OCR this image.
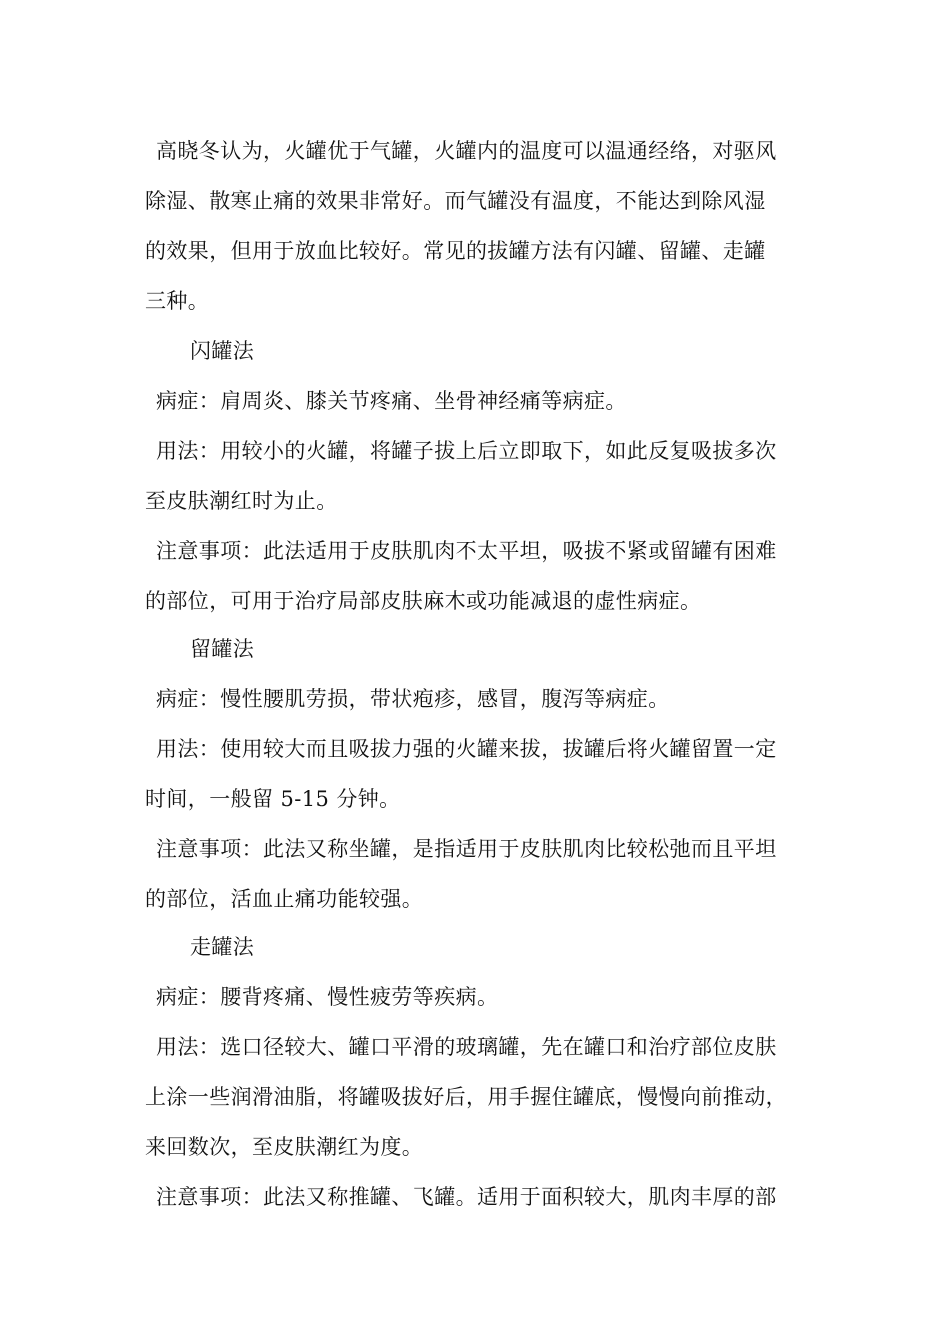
高晓冬认为，火罐优于气罐，火罐内的温度可以温通经络，对驱风
除湿、散寒止痛的效果非常好。而气罐没有温度，不能达到除风湿
的效果，但用于放血比较好。常见的拔罐方法有闪罐、留罐、走罐
三种。
闪罐法
病症：肩周炎、膝关节疼痛、坐骨神经痛等病症。
用法：用较小的火罐，将罐子拔上后立即取下，如此反复吸拔多次
至皮肤潮红时为止。
注意事项：此法适用于皮肤肌肉不太平坦，吸拔不紧或留罐有困难
的部位，可用于治疗局部皮肤麻木或功能减退的虚性病症。
留罐法
病症：慢性腰肌劳损，带状疱疹，感冒，腹泻等病症。
用法：使用较大而且吸拔力强的火罐来拔，拔罐后将火罐留置一定
时间，一般留 5-15 分钟。
注意事项：此法又称坐罐，是指适用于皮肤肌肉比较松弛而且平坦
的部位，活血止痛功能较强。
走罐法
病症：腰背疼痛、慢性疲劳等疾病。
用法：选口径较大、罐口平滑的玻璃罐，先在罐口和治疗部位皮肤
上涂一些润滑油脂，将罐吸拔好后，用手握住罐底，慢慢向前推动，
来回数次，至皮肤潮红为度。
注意事项：此法又称推罐、飞罐。适用于面积较大，肌肉丰厚的部
